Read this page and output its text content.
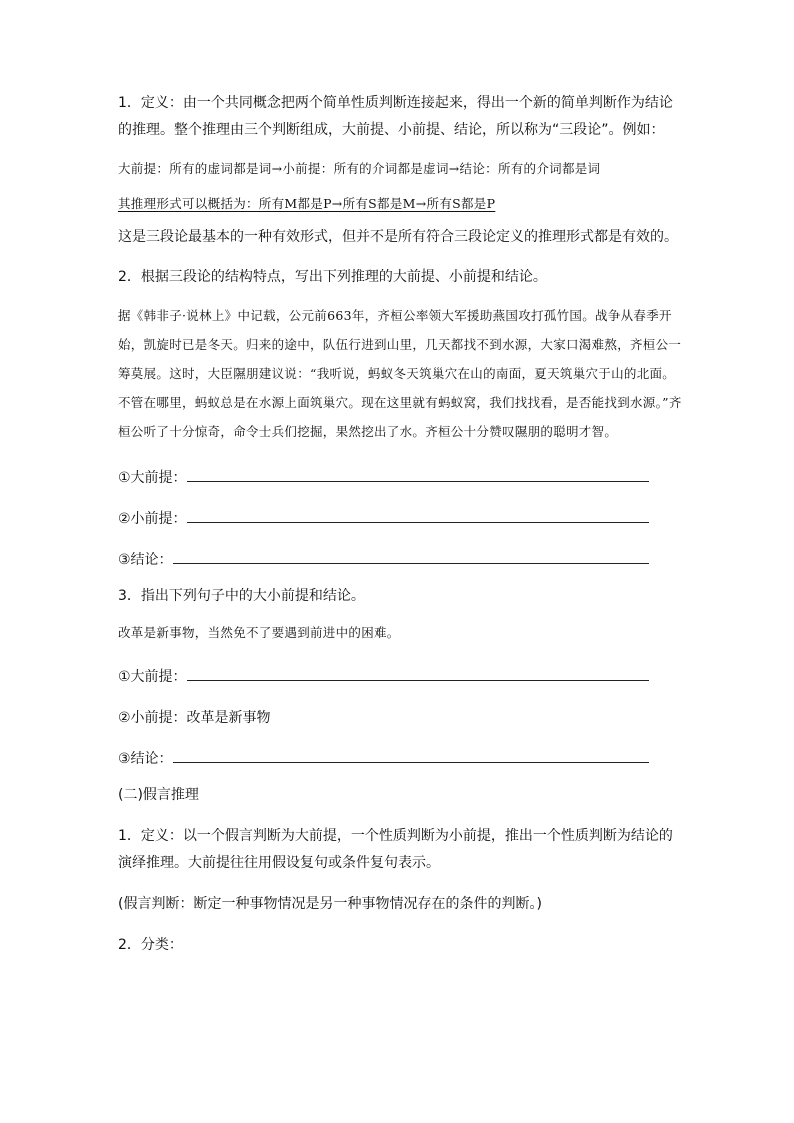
1．定义：由一个共同概念把两个简单性质判断连接起来，得出一个新的简单判断作为结论的推理。整个推理由三个判断组成，大前提、小前提、结论，所以称为“三段论”。例如：

大前提：所有的虚词都是词→小前提：所有的介词都是虚词→结论：所有的介词都是词

其推理形式可以概括为：所有M都是P→所有S都是M→所有S都是P

这是三段论最基本的一种有效形式，但并不是所有符合三段论定义的推理形式都是有效的。

2．根据三段论的结构特点，写出下列推理的大前提、小前提和结论。

据《韩非子·说林上》中记载，公元前663年，齐桓公率领大军援助燕国攻打孤竹国。战争从春季开始，凯旋时已是冬天。归来的途中，队伍行进到山里，几天都找不到水源，大家口渴难熬，齐桓公一筹莫展。这时，大臣隰朋建议说：“我听说，蚂蚁冬天筑巢穴在山的南面，夏天筑巢穴于山的北面。不管在哪里，蚂蚁总是在水源上面筑巢穴。现在这里就有蚂蚁窝，我们找找看，是否能找到水源。”齐桓公听了十分惊奇，命令士兵们挖掘，果然挖出了水。齐桓公十分赞叹隰朋的聪明才智。

①大前提：
②小前提：
③结论：

3．指出下列句子中的大小前提和结论。

改革是新事物，当然免不了要遇到前进中的困难。

①大前提：
②小前提：改革是新事物
③结论：

(二)假言推理

1．定义：以一个假言判断为大前提，一个性质判断为小前提，推出一个性质判断为结论的演绎推理。大前提往往用假设复句或条件复句表示。

(假言判断：断定一种事物情况是另一种事物情况存在的条件的判断。)

2．分类：
